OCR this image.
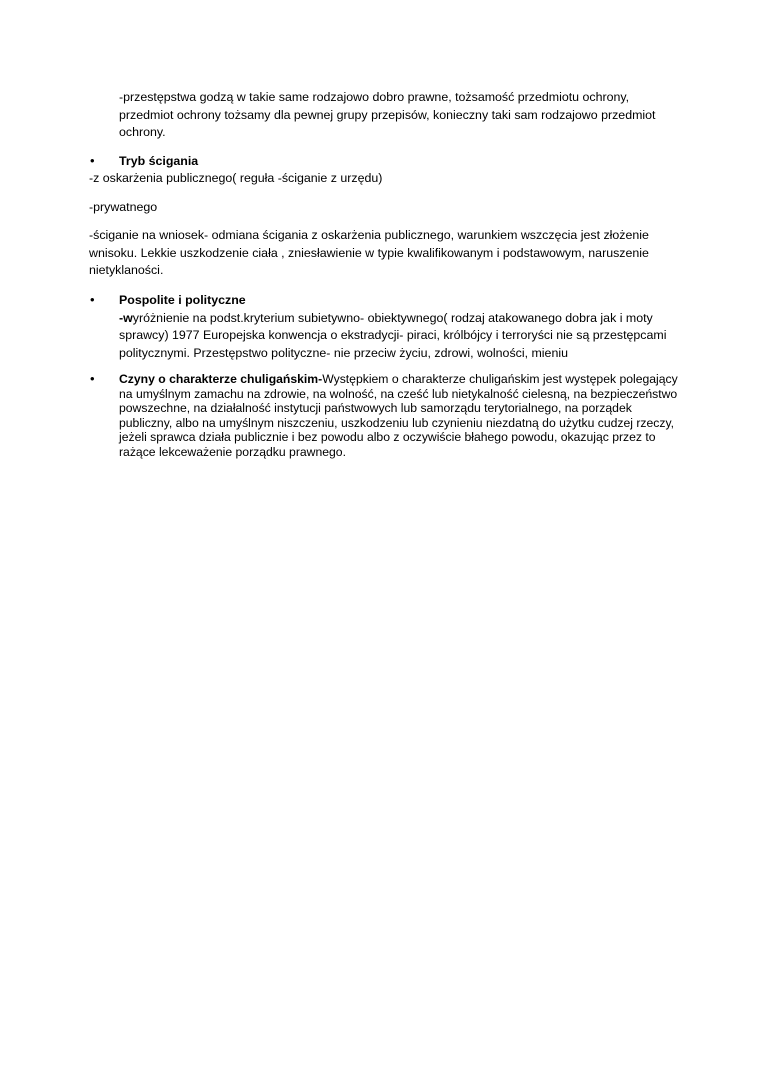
-przestępstwa godzą w takie same rodzajowo dobro prawne, tożsamość przedmiotu ochrony, przedmiot ochrony tożsamy dla pewnej grupy przepisów, konieczny taki sam rodzajowo przedmiot ochrony.
• Tryb ścigania
-z oskarżenia publicznego( reguła -ściganie z urzędu)
-prywatnego
-ściganie na wniosek- odmiana ścigania z oskarżenia publicznego, warunkiem wszczęcia jest złożenie wnisoku. Lekkie uszkodzenie ciała , zniesławienie w typie kwalifikowanym i podstawowym, naruszenie nietyklaności.
• Pospolite i polityczne
-wyróżnienie na podst.kryterium subietywno- obiektywnego( rodzaj atakowanego dobra jak i moty sprawcy) 1977 Europejska konwencja o ekstradycji- piraci, królbójcy i terroryści nie są przestępcami politycznymi. Przestępstwo polityczne- nie przeciw życiu, zdrowi, wolności, mieniu
• Czyny o charakterze chuligańskim-Występkiem o charakterze chuligańskim jest występek polegający na umyślnym zamachu na zdrowie, na wolność, na cześć lub nietykalność cielesną, na bezpieczeństwo powszechne, na działalność instytucji państwowych lub samorządu terytorialnego, na porządek publiczny, albo na umyślnym niszczeniu, uszkodzeniu lub czynieniu niezdatną do użytku cudzej rzeczy, jeżeli sprawca działa publicznie i bez powodu albo z oczywiście błahego powodu, okazując przez to rażące lekceważenie porządku prawnego.
